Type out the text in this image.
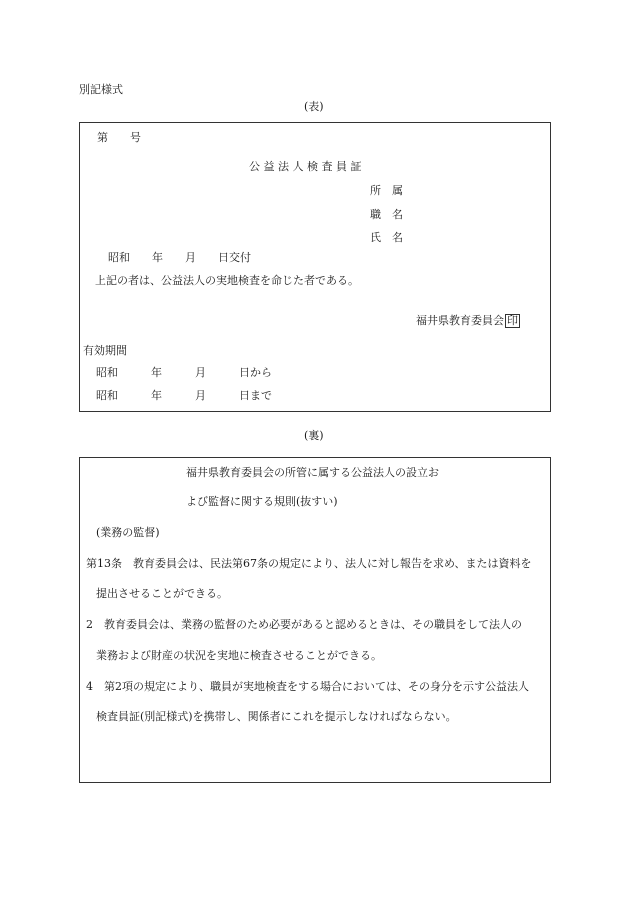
別記様式
(表)
第　　号
公 益 法 人 検 査 員 証
所　属
職　名
氏　名
昭和　　年　　月　　日交付
上記の者は、公益法人の実地検査を命じた者である。
福井県教育委員会 印
有効期間
昭和　　　年　　　月　　　日から
昭和　　　年　　　月　　　日まで
(裏)
福井県教育委員会の所管に属する公益法人の設立お
よび監督に関する規則(抜すい)
(業務の監督)
第13条　教育委員会は、民法第67条の規定により、法人に対し報告を求め、または資料を
提出させることができる。
2　教育委員会は、業務の監督のため必要があると認めるときは、その職員をして法人の
業務および財産の状況を実地に検査させることができる。
4　第2項の規定により、職員が実地検査をする場合においては、その身分を示す公益法人
検査員証(別記様式)を携帯し、関係者にこれを提示しなければならない。
